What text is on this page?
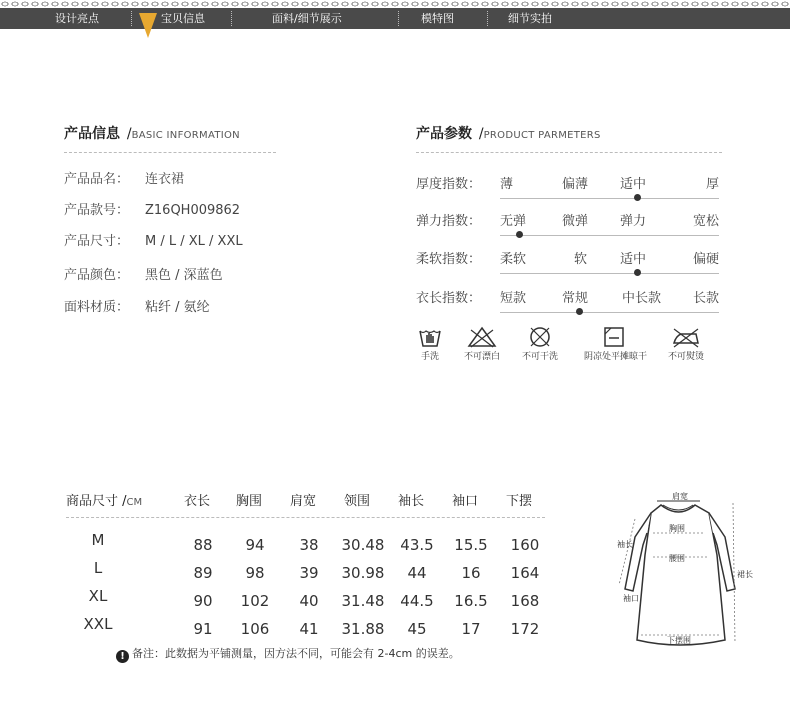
设计亮点	宝贝信息	面料/细节展示	模特图	细节实拍
产品信息 /BASIC INFORMATION
产品品名： 连衣裙
产品款号： Z16QH009862
产品尺寸： M / L / XL / XXL
产品颜色： 黑色 / 深蓝色
面料材质： 粘纤 / 氨纶
产品参数 /PRODUCT PARMETERS
厚度指数： 薄	偏薄 适中	厚
弹力指数： 无弹	微弹 弹力	宽松
柔软指数： 柔软	软	适中	偏硬
衣长指数： 短款	常规	中长款 长款
手洗	不可漂白	不可干洗	阴凉处平摊晾干	不可熨烫
商品尺寸 /CM	衣长 胸围 肩宽 领围 袖长 袖口 下摆
M	88	94	38	30.48	43.5	15.5	160
L	89	98	39	30.98	44	16	164
XL	90	102	40	31.48	44.5	16.5	168
XXL	91	106	41	31.88	45	17	172
! 备注：此数据为平铺测量，因方法不同，可能会有 2-4cm 的误差。
肩宽
胸围
腰围
袖长
裙长
袖口
下摆围
